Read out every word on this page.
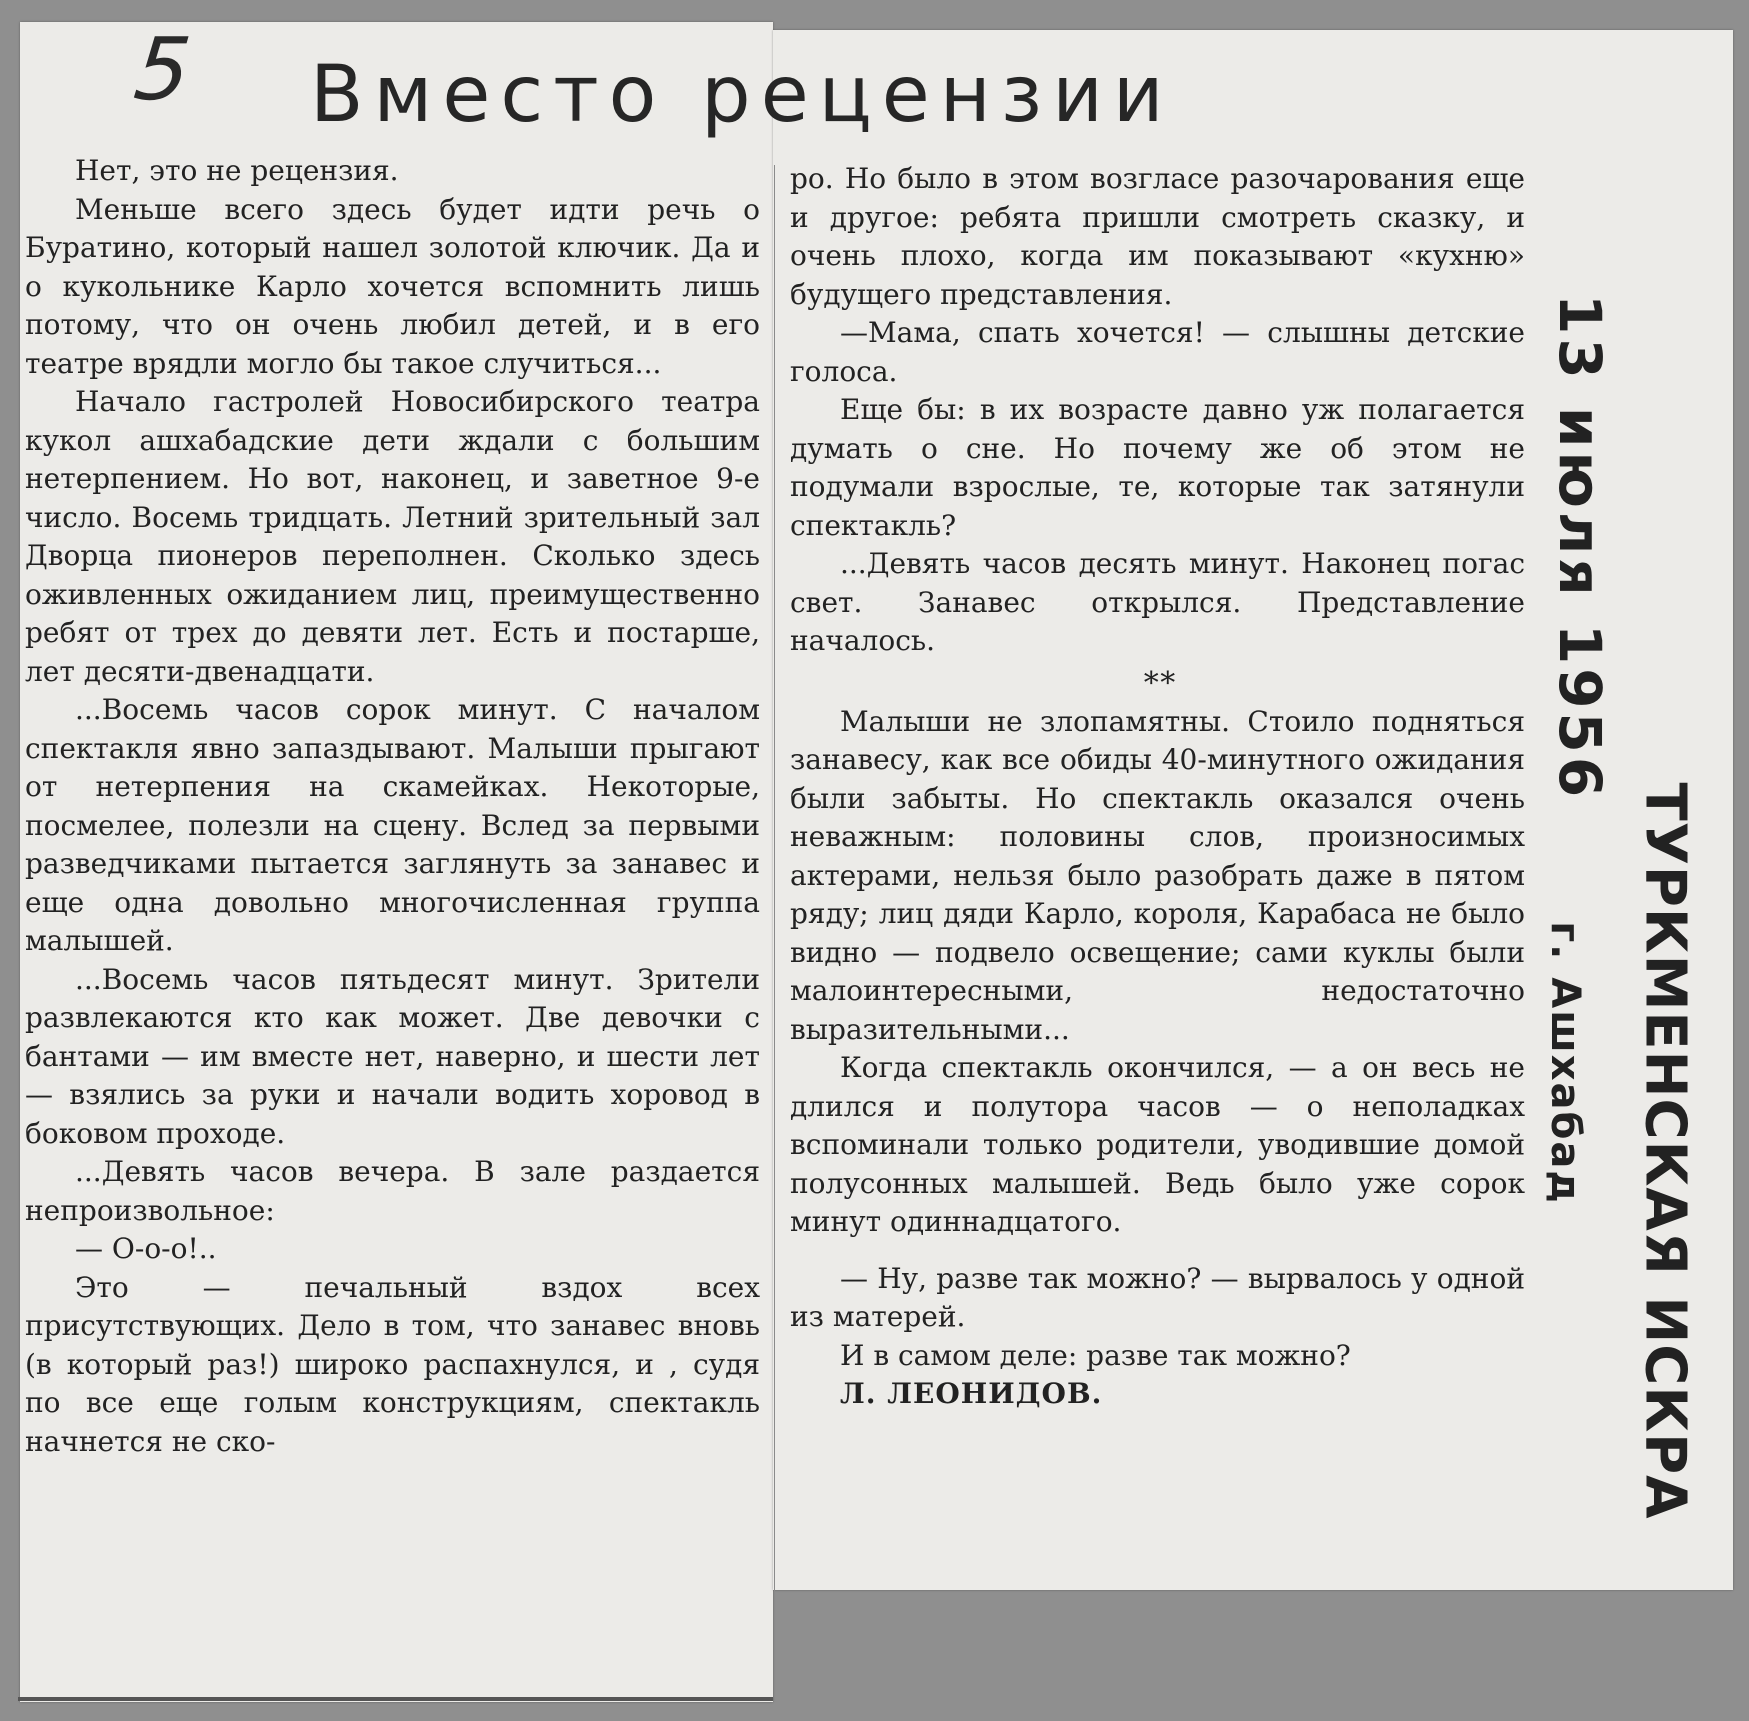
5 Вместо рецензии

Нет, это не рецензия.

Меньше всего здесь будет идти речь о Буратино, который нашел золотой ключик. Да и о кукольнике Карло хочется вспомнить лишь потому, что он очень любил детей, и в его театре врядли могло бы такое случиться...

Начало гастролей Новосибирского театра кукол ашхабадские дети ждали с большим нетерпением. Но вот, наконец, и заветное 9-е число. Восемь тридцать. Летний зрительный зал Дворца пионеров переполнен. Сколько здесь оживленных ожиданием лиц, преимущественно ребят от трех до девяти лет. Есть и постарше, лет десяти-двенадцати.

...Восемь часов сорок минут. С началом спектакля явно запаздывают. Малыши прыгают от нетерпения на скамейках. Некоторые, посмелее, полезли на сцену. Вслед за первыми разведчиками пытается заглянуть за занавес и еще одна довольно многочисленная группа малышей.

...Восемь часов пятьдесят минут. Зрители развлекаются кто как может. Две девочки с бантами — им вместе нет, наверно, и шести лет — взялись за руки и начали водить хоровод в боковом проходе.

...Девять часов вечера. В зале раздается непроизвольное:

— О-о-о!..

Это — печальный вздох всех присутствующих. Дело в том, что занавес вновь (в который раз!) широко распахнулся, и , судя по все еще голым конструкциям, спектакль начнется не ско-

ро. Но было в этом возгласе разочарования еще и другое: ребята пришли смотреть сказку, и очень плохо, когда им показывают «кухню» будущего представления.

—Мама, спать хочется! — слышны детские голоса.

Еще бы: в их возрасте давно уж полагается думать о сне. Но почему же об этом не подумали взрослые, те, которые так затянули спектакль?

...Девять часов десять минут. Наконец погас свет. Занавес открылся. Представление началось.

* *

Малыши не злопамятны. Стоило подняться занавесу, как все обиды 40-минутного ожидания были забыты. Но спектакль оказался очень неважным: половины слов, произносимых актерами, нельзя было разобрать даже в пятом ряду; лиц дяди Карло, короля, Карабаса не было видно — подвело освещение; сами куклы были малоинтересными, недостаточно выразительными...

Когда спектакль окончился, — а он весь не длился и полутора часов — о неполадках вспоминали только родители, уводившие домой полусонных малышей. Ведь было уже сорок минут одиннадцатого.

— Ну, разве так можно? — вырвалось у одной из матерей.

И в самом деле: разве так можно?

Л. ЛЕОНИДОВ.

13 июля 1956
ТУРКМЕНСКАЯ ИСКРА
г. Ашхабад
